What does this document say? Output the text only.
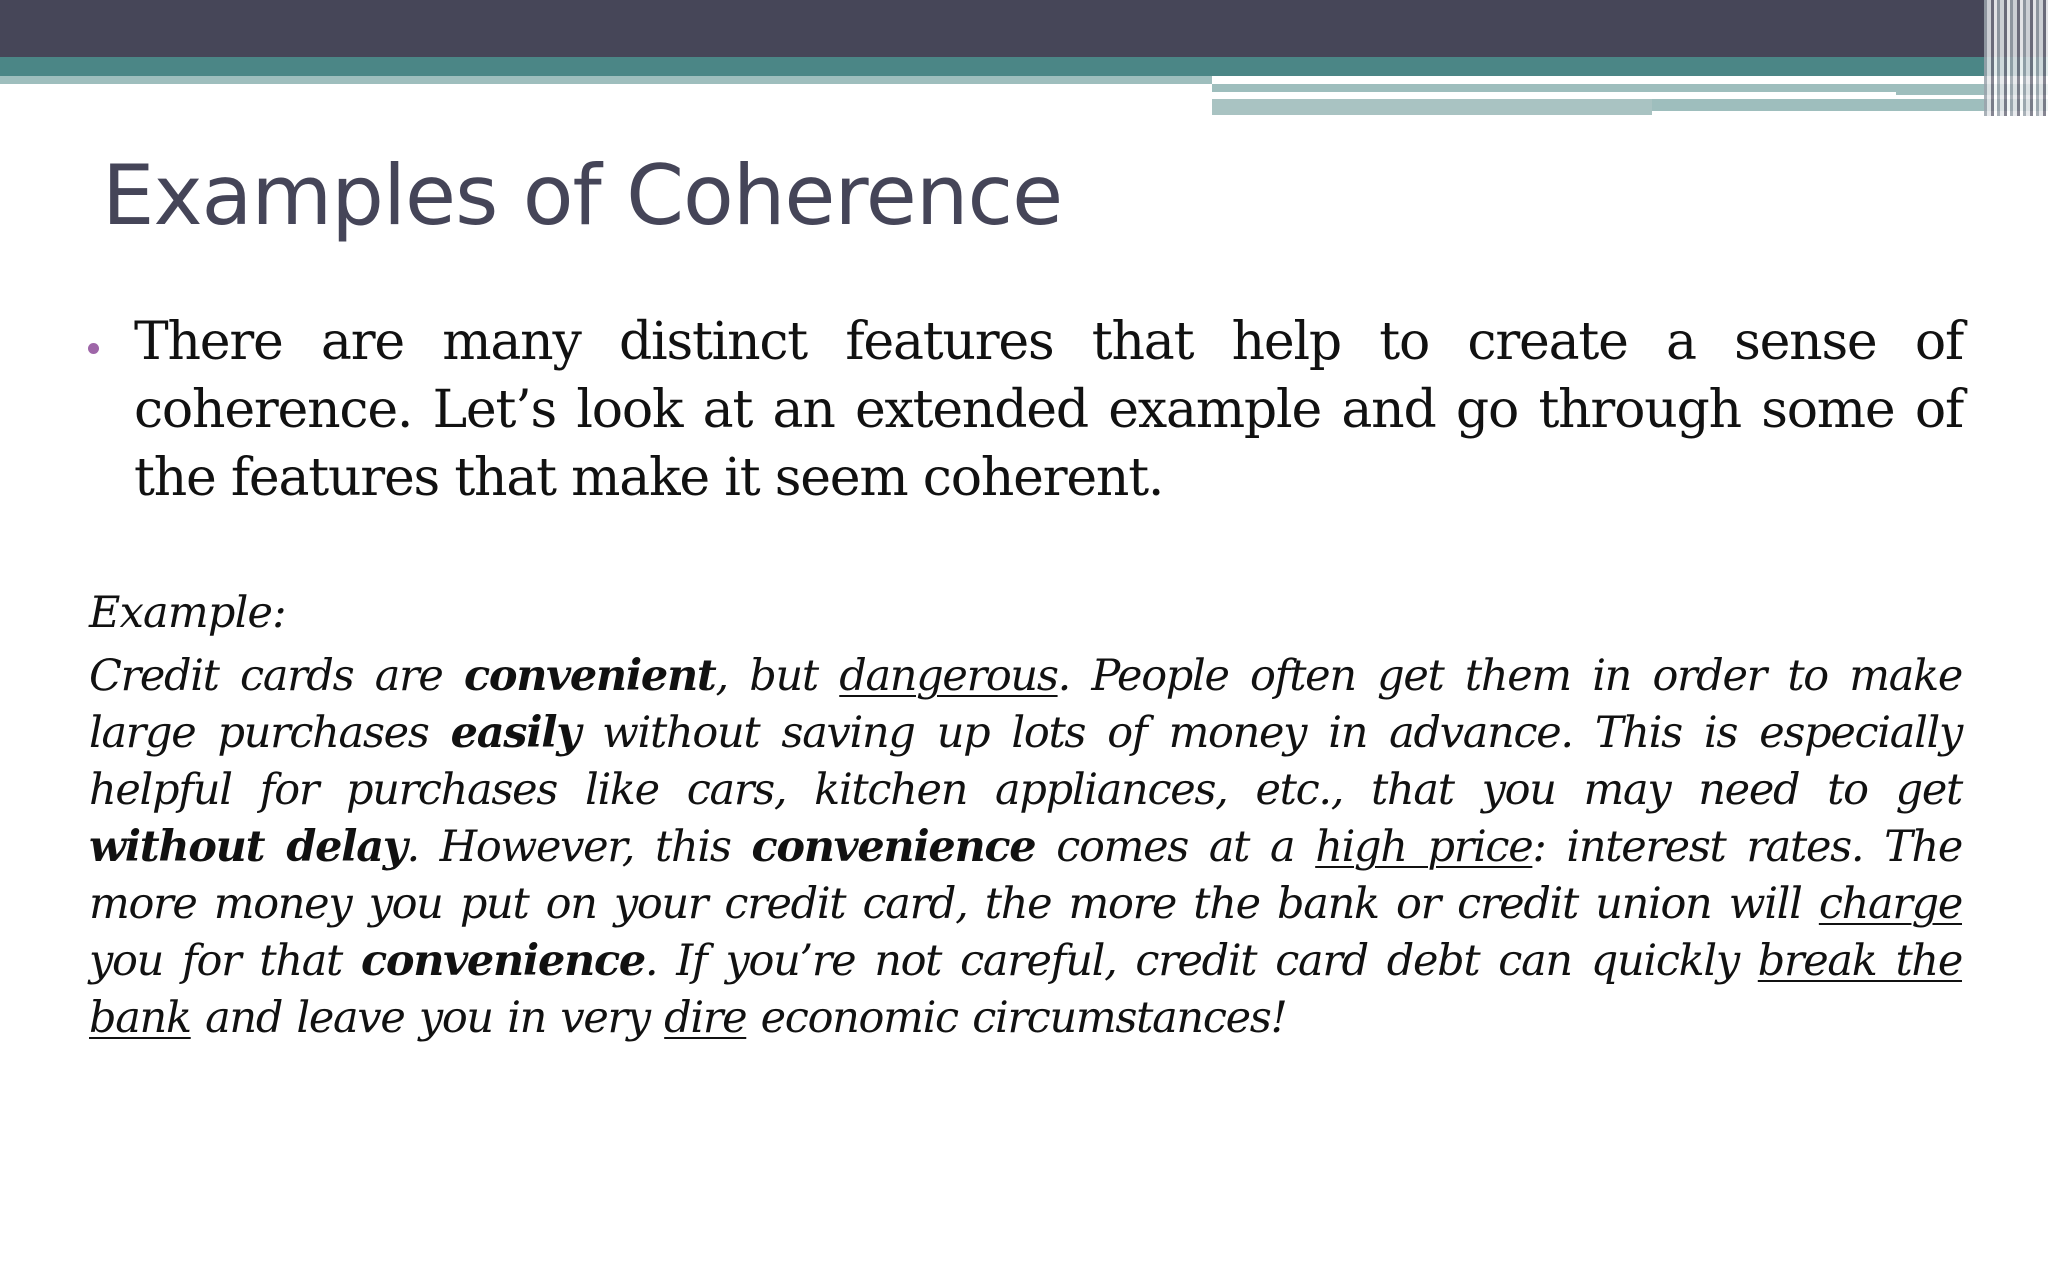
Examples of Coherence
There are many distinct features that help to create a sense of coherence. Let’s look at an extended example and go through some of the features that make it seem coherent.
Example:
Credit cards are convenient, but dangerous. People often get them in order to make large purchases easily without saving up lots of money in advance. This is especially helpful for purchases like cars, kitchen appliances, etc., that you may need to get without delay. However, this convenience comes at a high price: interest rates. The more money you put on your credit card, the more the bank or credit union will charge you for that convenience. If you’re not careful, credit card debt can quickly break the bank and leave you in very dire economic circumstances!
